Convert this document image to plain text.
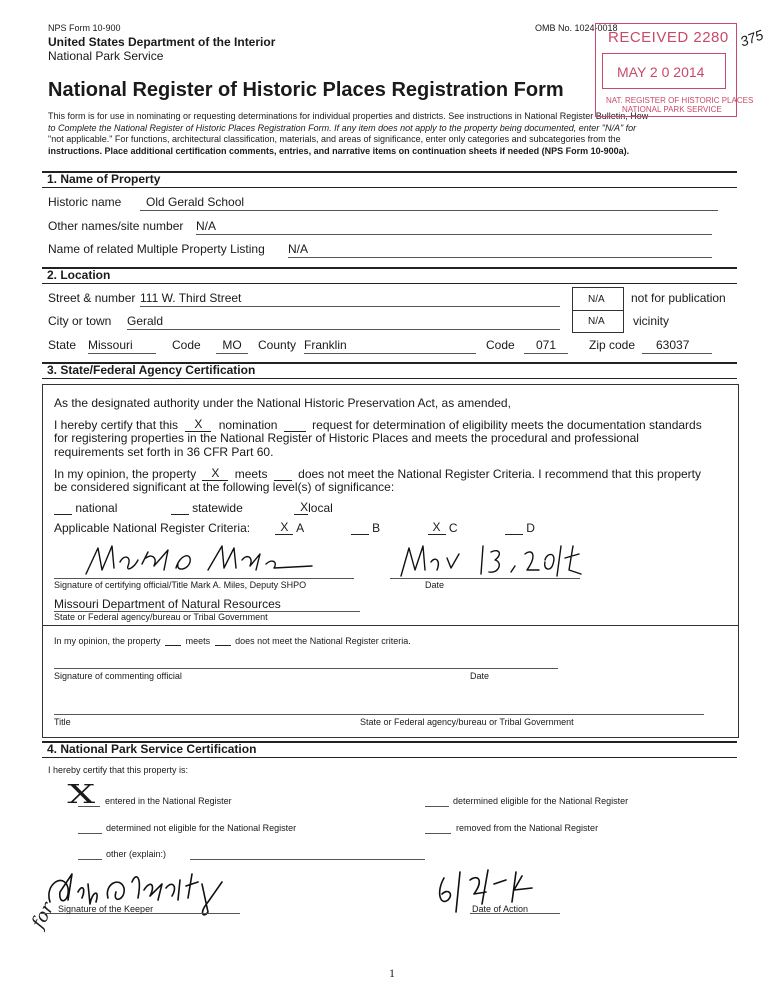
NPS Form 10-900
United States Department of the Interior
National Park Service
OMB No. 1024-0018
National Register of Historic Places Registration Form
This form is for use in nominating or requesting determinations for individual properties and districts. See instructions in National Register Bulletin, How
to Complete the National Register of Historic Places Registration Form. If any item does not apply to the property being documented, enter "N/A" for
"not applicable." For functions, architectural classification, materials, and areas of significance, enter only categories and subcategories from the
instructions. Place additional certification comments, entries, and narrative items on continuation sheets if needed (NPS Form 10-900a).
RECEIVED 2280
MAY 2 0 2014
NAT. REGISTER OF HISTORIC PLACES
NATIONAL PARK SERVICE
375
1. Name of Property
Historic name	Old Gerald School
Other names/site number N/A
Name of related Multiple Property Listing N/A
2. Location
Street & number 111 W. Third Street	N/A not for publication
City or town Gerald	N/A vicinity
State Missouri	Code	MO	County Franklin	Code	071	Zip code	63037
3. State/Federal Agency Certification
As the designated authority under the National Historic Preservation Act, as amended,
I hereby certify that this X nomination	request for determination of eligibility meets the documentation standards
for registering properties in the National Register of Historic Places and meets the procedural and professional
requirements set forth in 36 CFR Part 60.
In my opinion, the property X meets	does not meet the National Register Criteria. I recommend that this property
be considered significant at the following level(s) of significance:
national	statewide	Xlocal
Applicable National Register Criteria:	X A	B	X C	D
Signature of certifying official/Title Mark A. Miles, Deputy SHPO	Date
Missouri Department of Natural Resources
State or Federal agency/bureau or Tribal Government
In my opinion, the property	meets	does not meet the National Register criteria.
Signature of commenting official	Date
Title	State or Federal agency/bureau or Tribal Government
4. National Park Service Certification
I hereby certify that this property is:
X entered in the National Register	determined eligible for the National Register
determined not eligible for the National Register	removed from the National Register
other (explain:)
for Signature of the Keeper	Date of Action
1
